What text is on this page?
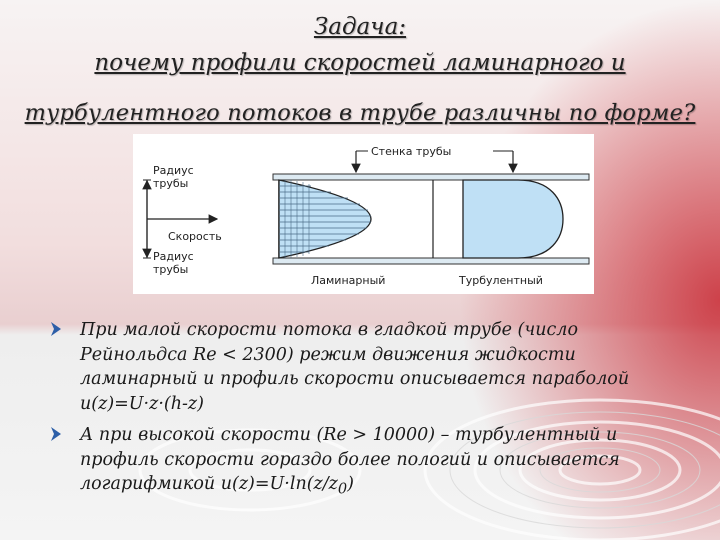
Задача:
почему профили скоростей ламинарного и
турбулентного потоков в трубе различны по форме?
Радиус
трубы
Скорость
Радиус
трубы
Стенка трубы
Ламинарный	Турбулентный
При малой скорости потока в гладкой трубе (число
Рейнольдса Re < 2300) режим движения жидкости
ламинарный и профиль скорости описывается параболой
u(z)=U·z·(h-z)
А при высокой скорости (Re > 10000) – турбулентный и
профиль скорости гораздо более пологий и описывается
логарифмикой $u(z)=U\cdot\ln(z/z_0)$
